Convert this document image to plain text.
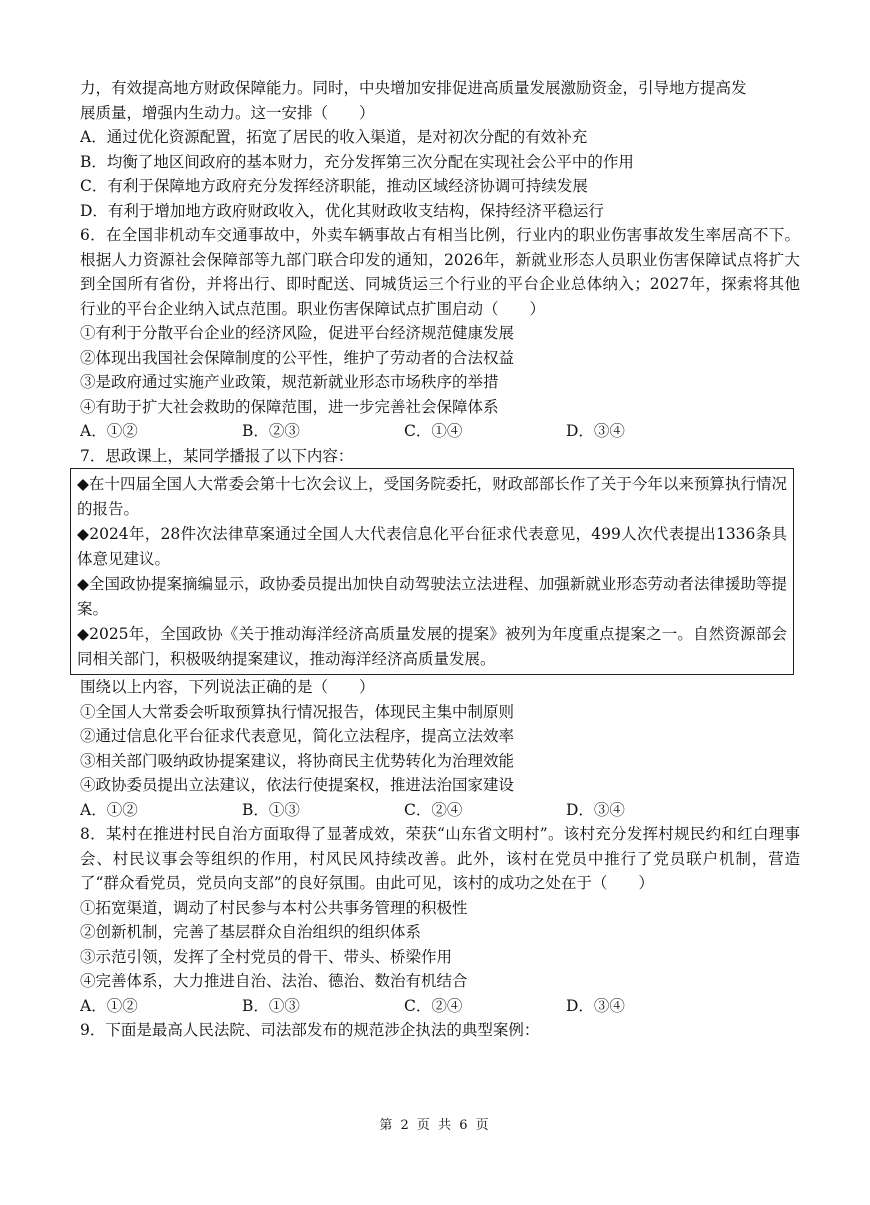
力，有效提高地方财政保障能力。同时，中央增加安排促进高质量发展激励资金，引导地方提高发
展质量，增强内生动力。这一安排（　　）
A．通过优化资源配置，拓宽了居民的收入渠道，是对初次分配的有效补充
B．均衡了地区间政府的基本财力，充分发挥第三次分配在实现社会公平中的作用
C．有利于保障地方政府充分发挥经济职能，推动区域经济协调可持续发展
D．有利于增加地方政府财政收入，优化其财政收支结构，保持经济平稳运行
6．在全国非机动车交通事故中，外卖车辆事故占有相当比例，行业内的职业伤害事故发生率居高不下。根据人力资源社会保障部等九部门联合印发的通知，2026年，新就业形态人员职业伤害保障试点将扩大到全国所有省份，并将出行、即时配送、同城货运三个行业的平台企业总体纳入；2027年，探索将其他行业的平台企业纳入试点范围。职业伤害保障试点扩围启动（　　）
①有利于分散平台企业的经济风险，促进平台经济规范健康发展
②体现出我国社会保障制度的公平性，维护了劳动者的合法权益
③是政府通过实施产业政策，规范新就业形态市场秩序的举措
④有助于扩大社会救助的保障范围，进一步完善社会保障体系
A．①②	B．②③	C．①④	D．③④
7．思政课上，某同学播报了以下内容：
◆在十四届全国人大常委会第十七次会议上，受国务院委托，财政部部长作了关于今年以来预算执行情况的报告。
◆2024年，28件次法律草案通过全国人大代表信息化平台征求代表意见，499人次代表提出1336条具体意见建议。
◆全国政协提案摘编显示，政协委员提出加快自动驾驶法立法进程、加强新就业形态劳动者法律援助等提案。
◆2025年，全国政协《关于推动海洋经济高质量发展的提案》被列为年度重点提案之一。自然资源部会同相关部门，积极吸纳提案建议，推动海洋经济高质量发展。
围绕以上内容，下列说法正确的是（　　）
①全国人大常委会听取预算执行情况报告，体现民主集中制原则
②通过信息化平台征求代表意见，简化立法程序，提高立法效率
③相关部门吸纳政协提案建议，将协商民主优势转化为治理效能
④政协委员提出立法建议，依法行使提案权，推进法治国家建设
A．①②	B．①③	C．②④	D．③④
8．某村在推进村民自治方面取得了显著成效，荣获“山东省文明村”。该村充分发挥村规民约和红白理事会、村民议事会等组织的作用，村风民风持续改善。此外，该村在党员中推行了党员联户机制，营造了“群众看党员，党员向支部”的良好氛围。由此可见，该村的成功之处在于（　　）
①拓宽渠道，调动了村民参与本村公共事务管理的积极性
②创新机制，完善了基层群众自治组织的组织体系
③示范引领，发挥了全村党员的骨干、带头、桥梁作用
④完善体系，大力推进自治、法治、德治、数治有机结合
A．①②	B．①③	C．②④	D．③④
9．下面是最高人民法院、司法部发布的规范涉企执法的典型案例：
第 2 页 共 6 页
